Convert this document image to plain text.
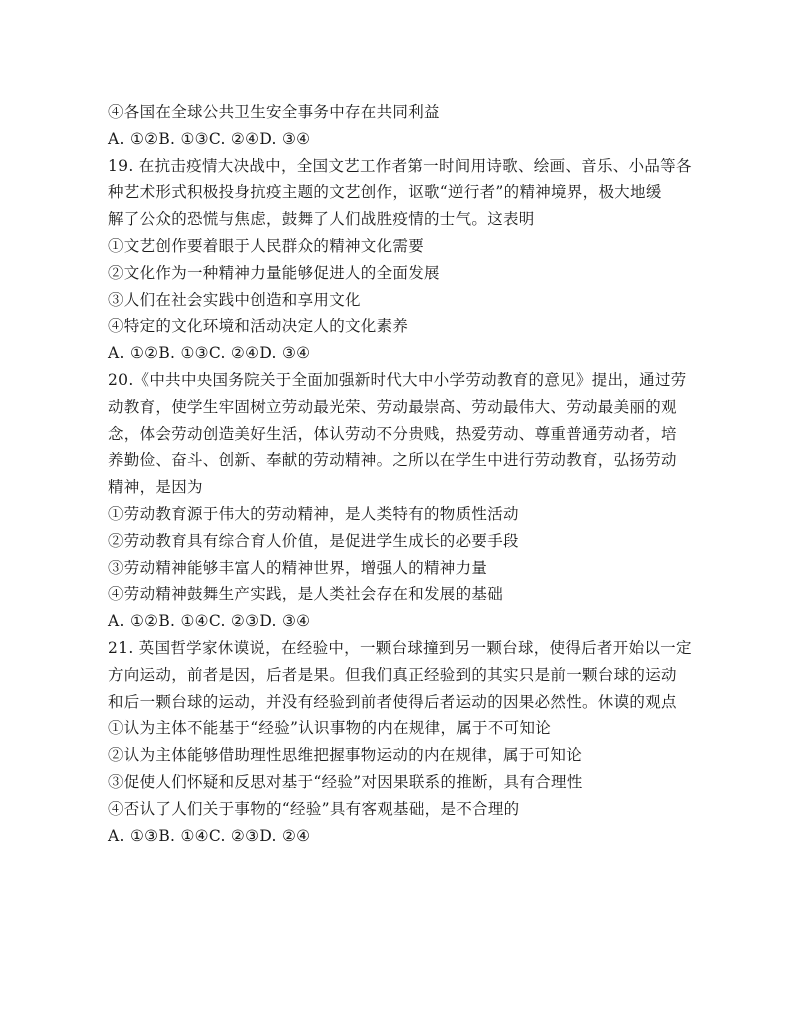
④各国在全球公共卫生安全事务中存在共同利益
A. ①②B. ①③C. ②④D. ③④
19. 在抗击疫情大决战中，全国文艺工作者第一时间用诗歌、绘画、音乐、小品等各
种艺术形式积极投身抗疫主题的文艺创作，讴歌“逆行者”的精神境界，极大地缓
解了公众的恐慌与焦虑，鼓舞了人们战胜疫情的士气。这表明
①文艺创作要着眼于人民群众的精神文化需要
②文化作为一种精神力量能够促进人的全面发展
③人们在社会实践中创造和享用文化
④特定的文化环境和活动决定人的文化素养
A. ①②B. ①③C. ②④D. ③④
20.《中共中央国务院关于全面加强新时代大中小学劳动教育的意见》提出，通过劳
动教育，使学生牢固树立劳动最光荣、劳动最崇高、劳动最伟大、劳动最美丽的观
念，体会劳动创造美好生活，体认劳动不分贵贱，热爱劳动、尊重普通劳动者，培
养勤俭、奋斗、创新、奉献的劳动精神。之所以在学生中进行劳动教育，弘扬劳动
精神，是因为
①劳动教育源于伟大的劳动精神，是人类特有的物质性活动
②劳动教育具有综合育人价值，是促进学生成长的必要手段
③劳动精神能够丰富人的精神世界，增强人的精神力量
④劳动精神鼓舞生产实践，是人类社会存在和发展的基础
A. ①②B. ①④C. ②③D. ③④
21. 英国哲学家休谟说，在经验中，一颗台球撞到另一颗台球，使得后者开始以一定
方向运动，前者是因，后者是果。但我们真正经验到的其实只是前一颗台球的运动
和后一颗台球的运动，并没有经验到前者使得后者运动的因果必然性。休谟的观点
①认为主体不能基于“经验”认识事物的内在规律，属于不可知论
②认为主体能够借助理性思维把握事物运动的内在规律，属于可知论
③促使人们怀疑和反思对基于“经验”对因果联系的推断，具有合理性
④否认了人们关于事物的“经验”具有客观基础，是不合理的
A. ①③B. ①④C. ②③D. ②④
